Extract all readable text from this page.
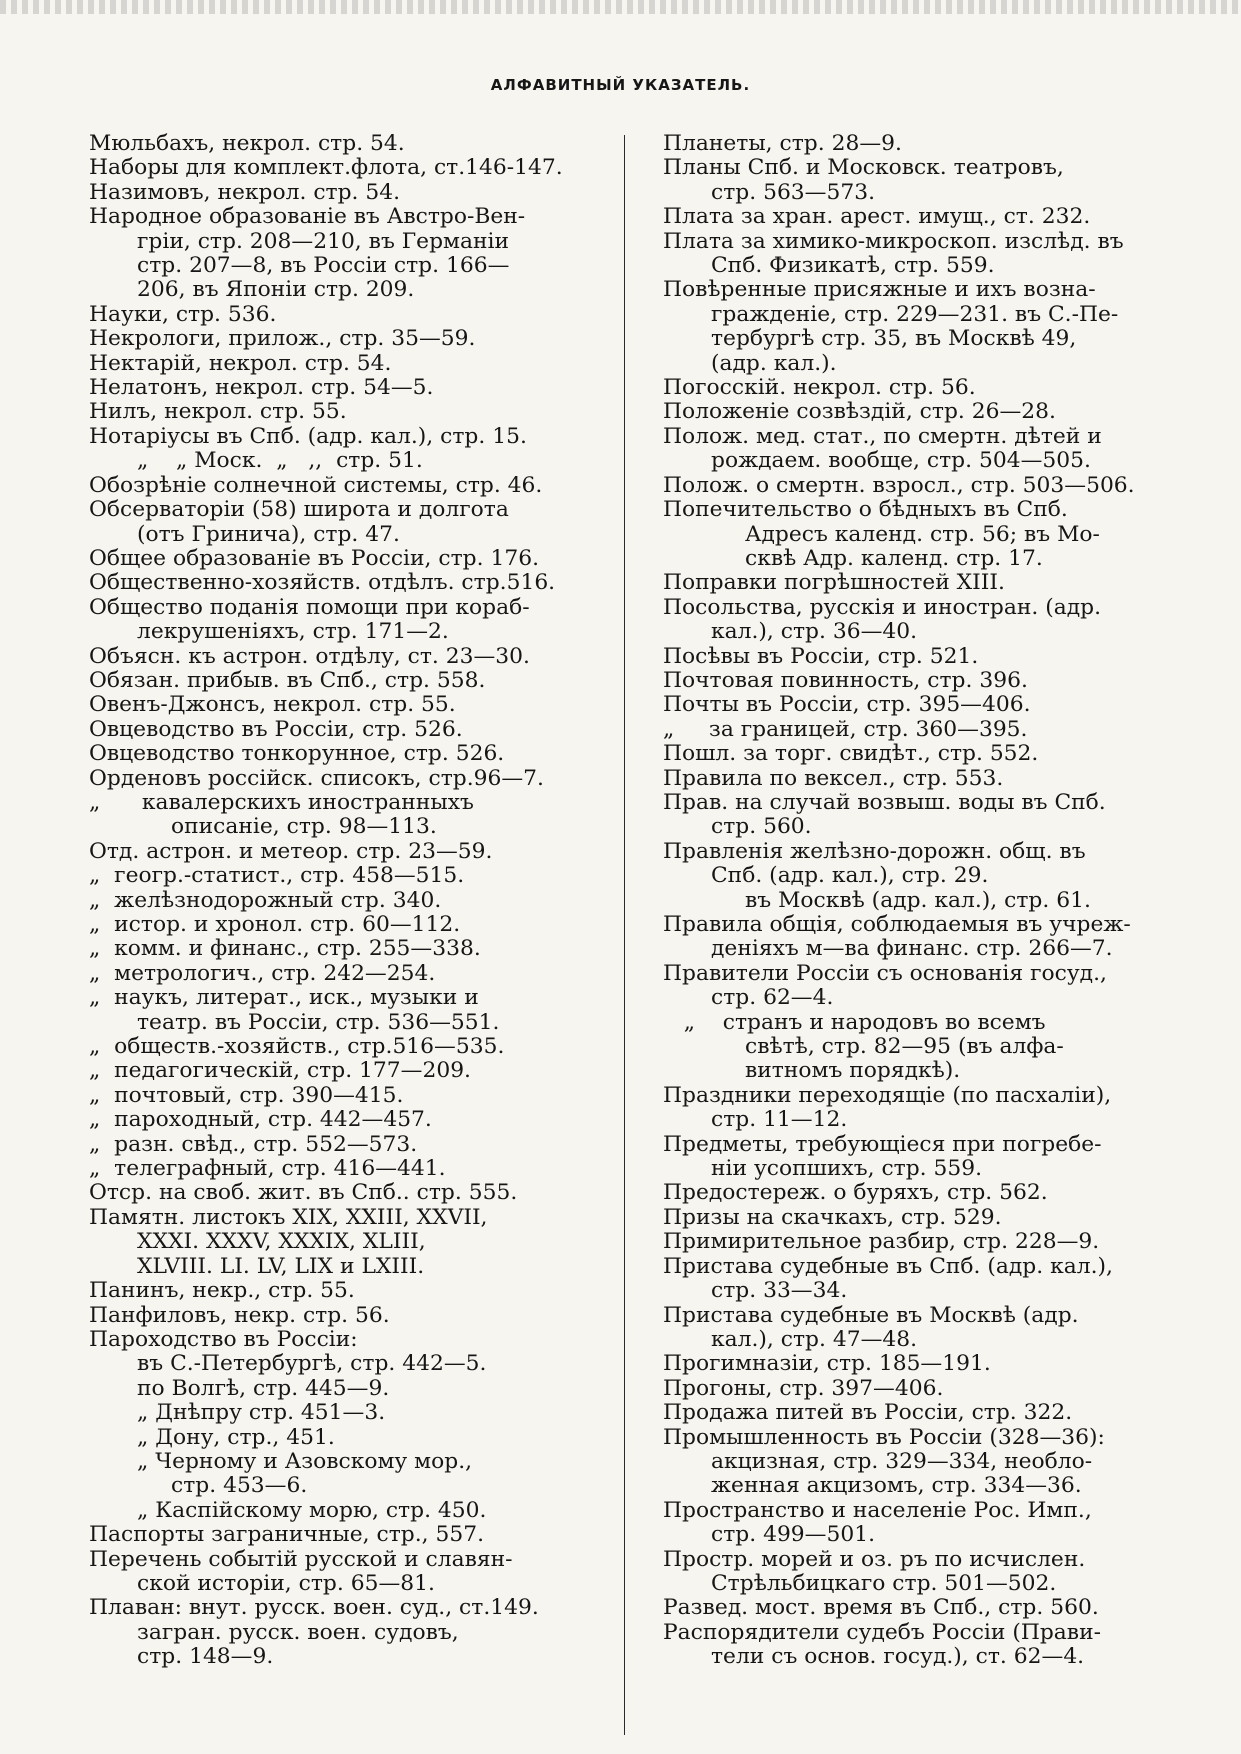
АЛФАВИТНЫЙ УКАЗАТЕЛЬ.
Мюльбахъ, некрол. стр. 54.
Наборы для комплект.флота, ст.146-147.
Назимовъ, некрол. стр. 54.
Народное образованіе въ Австро-Вен-
гріи, стр. 208—210, въ Германіи
стр. 207—8, въ Россіи стр. 166—
206, въ Японіи стр. 209.
Науки, стр. 536.
Некрологи, прилож., стр. 35—59.
Нектарій, некрол. стр. 54.
Нелатонъ, некрол. стр. 54—5.
Нилъ, некрол. стр. 55.
Нотаріусы въ Спб. (адр. кал.), стр. 15.
„    „ Моск.  „   ,,  стр. 51.
Обозрѣніе солнечной системы, стр. 46.
Обсерваторіи (58) широта и долгота
(отъ Гринича), стр. 47.
Общее образованіе въ Россіи, стр. 176.
Общественно-хозяйств. отдѣлъ. стр.516.
Общество поданія помощи при кораб-
лекрушеніяхъ, стр. 171—2.
Объясн. къ астрон. отдѣлу, ст. 23—30.
Обязан. прибыв. въ Спб., стр. 558.
Овенъ-Джонсъ, некрол. стр. 55.
Овцеводство въ Россіи, стр. 526.
Овцеводство тонкорунное, стр. 526.
Орденовъ россійск. списокъ, стр.96—7.
„      кавалерскихъ иностранныхъ
описаніе, стр. 98—113.
Отд. астрон. и метеор. стр. 23—59.
„  геогр.-статист., стр. 458—515.
„  желѣзнодорожный стр. 340.
„  истор. и хронол. стр. 60—112.
„  комм. и финанс., стр. 255—338.
„  метрологич., стр. 242—254.
„  наукъ, литерат., иск., музыки и
театр. въ Россіи, стр. 536—551.
„  обществ.-хозяйств., стр.516—535.
„  педагогическій, стр. 177—209.
„  почтовый, стр. 390—415.
„  пароходный, стр. 442—457.
„  разн. свѣд., стр. 552—573.
„  телеграфный, стр. 416—441.
Отср. на своб. жит. въ Спб.. стр. 555.
Памятн. листокъ XIX, XXIII, XXVII,
XXXI. XXXV, XXXIX, XLIII,
XLVIII. LI. LV, LIX и LXIII.
Панинъ, некр., стр. 55.
Панфиловъ, некр. стр. 56.
Пароходство въ Россіи:
въ С.-Петербургѣ, стр. 442—5.
по Волгѣ, стр. 445—9.
„ Днѣпру стр. 451—3.
„ Дону, стр., 451.
„ Черному и Азовскому мор.,
стр. 453—6.
„ Каспійскому морю, стр. 450.
Паспорты заграничные, стр., 557.
Перечень событій русской и славян-
ской исторіи, стр. 65—81.
Плаван: внут. русск. воен. суд., ст.149.
загран. русск. воен. судовъ,
стр. 148—9.
Планеты, стр. 28—9.
Планы Спб. и Московск. театровъ,
стр. 563—573.
Плата за хран. арест. имущ., ст. 232.
Плата за химико-микроскоп. изслѣд. въ
Спб. Физикатѣ, стр. 559.
Повѣренные присяжные и ихъ возна-
гражденіе, стр. 229—231. въ С.-Пе-
тербургѣ стр. 35, въ Москвѣ 49,
(адр. кал.).
Погосскій. некрол. стр. 56.
Положеніе созвѣздій, стр. 26—28.
Полож. мед. стат., по смертн. дѣтей и
рождаем. вообще, стр. 504—505.
Полож. о смертн. взросл., стр. 503—506.
Попечительство о бѣдныхъ въ Спб.
Адресъ календ. стр. 56; въ Мо-
сквѣ Адр. календ. стр. 17.
Поправки погрѣшностей XIII.
Посольства, русскія и иностран. (адр.
кал.), стр. 36—40.
Посѣвы въ Россіи, стр. 521.
Почтовая повинность, стр. 396.
Почты въ Россіи, стр. 395—406.
„     за границей, стр. 360—395.
Пошл. за торг. свидѣт., стр. 552.
Правила по вексел., стр. 553.
Прав. на случай возвыш. воды въ Спб.
стр. 560.
Правленія желѣзно-дорожн. общ. въ
Спб. (адр. кал.), стр. 29.
въ Москвѣ (адр. кал.), стр. 61.
Правила общія, соблюдаемыя въ учреж-
деніяхъ м—ва финанс. стр. 266—7.
Правители Россіи съ основанія госуд.,
стр. 62—4.
„    странъ и народовъ во всемъ
свѣтѣ, стр. 82—95 (въ алфа-
витномъ порядкѣ).
Праздники переходящіе (по пасхаліи),
стр. 11—12.
Предметы, требующіеся при погребе-
ніи усопшихъ, стр. 559.
Предостереж. о буряхъ, стр. 562.
Призы на скачкахъ, стр. 529.
Примирительное разбир, стр. 228—9.
Пристава судебные въ Спб. (адр. кал.),
стр. 33—34.
Пристава судебные въ Москвѣ (адр.
кал.), стр. 47—48.
Прогимназіи, стр. 185—191.
Прогоны, стр. 397—406.
Продажа питей въ Россіи, стр. 322.
Промышленность въ Россіи (328—36):
акцизная, стр. 329—334, необло-
женная акцизомъ, стр. 334—36.
Пространство и населеніе Рос. Имп.,
стр. 499—501.
Простр. морей и оз. ръ по исчислен.
Стрѣльбицкаго стр. 501—502.
Развед. мост. время въ Спб., стр. 560.
Распорядители судебъ Россіи (Прави-
тели съ основ. госуд.), ст. 62—4.
